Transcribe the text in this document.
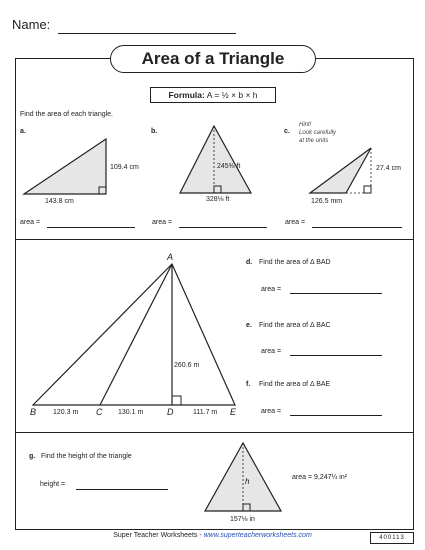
Name:
Area of a Triangle
Formula: A = ½ × b × h
Find the area of each triangle.
a.
109.4 cm
143.8 cm
area =
b.
245⅜ ft
328⅛ ft
area =
c.
Hint!
Look carefully
at the units
27.4 cm
126.5 mm
area =
A
B	C	D	E
120.3 m	130.1 m	111.7 m
260.6 m
d. Find the area of Δ BAD
area =
e. Find the area of Δ BAC
area =
f. Find the area of Δ BAE
area =
g. Find the height of the triangle
height =	h	area = 9,247¼ in²
157⅛ in
Super Teacher Worksheets - www.superteacherworksheets.com	400113
